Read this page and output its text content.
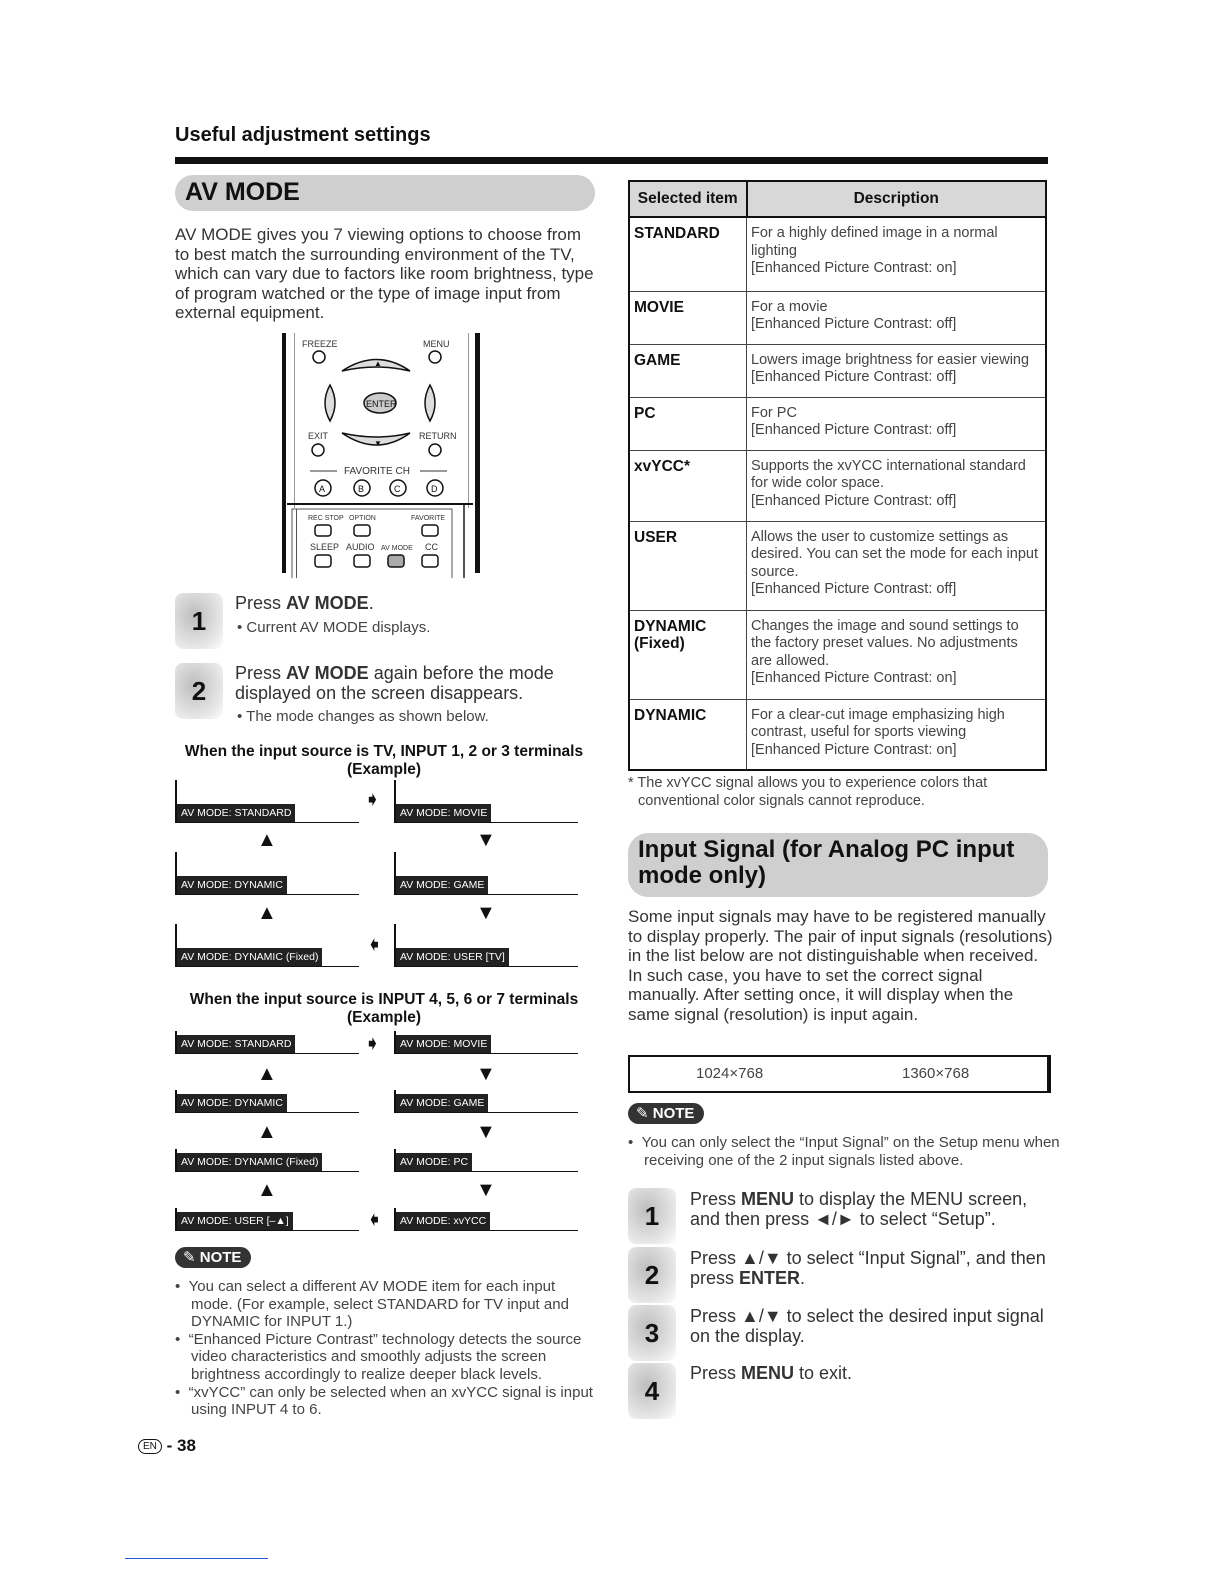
Useful adjustment settings
AV MODE
AV MODE gives you 7 viewing options to choose from to best match the surrounding environment of the TV, which can vary due to factors like room brightness, type of program watched or the type of image input from external equipment.
FREEZE	MENU
▲
ENTER
▼
EXIT	RETURN
FAVORITE CH
A	B	C	D
REC STOP OPTION	FAVORITE
SLEEP AUDIO AV MODE CC
1
Press AV MODE.
• Current AV MODE displays.
2
Press AV MODE again before the mode displayed on the screen disappears.
• The mode changes as shown below.
When the input source is TV, INPUT 1, 2 or 3 terminals
(Example)
AV MODE: STANDARD
➧
AV MODE: MOVIE
▲	▼
AV MODE: DYNAMIC	AV MODE: GAME
▲	▼
AV MODE: DYNAMIC (Fixed)
➧
AV MODE: USER [TV]
When the input source is INPUT 4, 5, 6 or 7 terminals
(Example)
AV MODE: STANDARD	➧	AV MODE: MOVIE
▲	▼
AV MODE: DYNAMIC	AV MODE: GAME
▲	▼
AV MODE: DYNAMIC (Fixed)	AV MODE: PC
▲	▼
AV MODE: USER [–▲]	➧	AV MODE: xvYCC
✎ NOTE
•  You can select a different AV MODE item for each input mode. (For example, select STANDARD for TV input and DYNAMIC for INPUT 1.)
•  “Enhanced Picture Contrast” technology detects the source video characteristics and smoothly adjusts the screen brightness accordingly to realize deeper black levels.
•  “xvYCC” can only be selected when an xvYCC signal is input using INPUT 4 to 6.
Selected item	Description
STANDARD	For a highly defined image in a normal lighting
[Enhanced Picture Contrast: on]

MOVIE	For a movie
[Enhanced Picture Contrast: off]

GAME	Lowers image brightness for easier viewing
[Enhanced Picture Contrast: off]

PC	For PC
[Enhanced Picture Contrast: off]

xvYCC*	Supports the xvYCC international standard for wide color space.
[Enhanced Picture Contrast: off]

USER	Allows the user to customize settings as desired. You can set the mode for each input source.
[Enhanced Picture Contrast: off]

DYNAMIC (Fixed)	Changes the image and sound settings to the factory preset values. No adjustments are allowed.
[Enhanced Picture Contrast: on]

DYNAMIC	For a clear-cut image emphasizing high contrast, useful for sports viewing
[Enhanced Picture Contrast: on]
* The xvYCC signal allows you to experience colors that conventional color signals cannot reproduce.
Input Signal (for Analog PC input
mode only)
Some input signals may have to be registered manually to display properly. The pair of input signals (resolutions) in the list below are not distinguishable when received. In such case, you have to set the correct signal manually. After setting once, it will display when the same signal (resolution) is input again.
1024×768	1360×768
✎ NOTE
•  You can only select the “Input Signal” on the Setup menu when receiving one of the 2 input signals listed above.
1
Press MENU to display the MENU screen, and then press ◄/► to select “Setup”.
2
Press ▲/▼ to select “Input Signal”, and then press ENTER.
3
Press ▲/▼ to select the desired input signal on the display.
4
Press MENU to exit.
EN - 38
